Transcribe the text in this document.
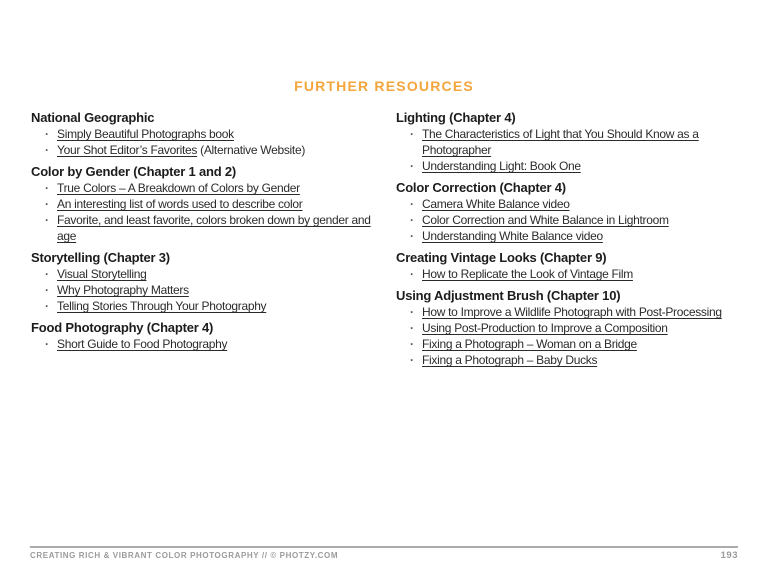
FURTHER RESOURCES
National Geographic
· Simply Beautiful Photographs book
· Your Shot Editor’s Favorites (Alternative Website)
Color by Gender (Chapter 1 and 2)
· True Colors – A Breakdown of Colors by Gender
· An interesting list of words used to describe color
· Favorite, and least favorite, colors broken down by gender and age
Storytelling (Chapter 3)
· Visual Storytelling
· Why Photography Matters
· Telling Stories Through Your Photography
Food Photography (Chapter 4)
· Short Guide to Food Photography
Lighting (Chapter 4)
· The Characteristics of Light that You Should Know as a Photographer
· Understanding Light: Book One
Color Correction (Chapter 4)
· Camera White Balance video
· Color Correction and White Balance in Lightroom
· Understanding White Balance video
Creating Vintage Looks (Chapter 9)
· How to Replicate the Look of Vintage Film
Using Adjustment Brush (Chapter 10)
· How to Improve a Wildlife Photograph with Post-Processing
· Using Post-Production to Improve a Composition
· Fixing a Photograph – Woman on a Bridge
· Fixing a Photograph – Baby Ducks
CREATING RICH & VIBRANT COLOR PHOTOGRAPHY // © PHOTZY.COM	193
